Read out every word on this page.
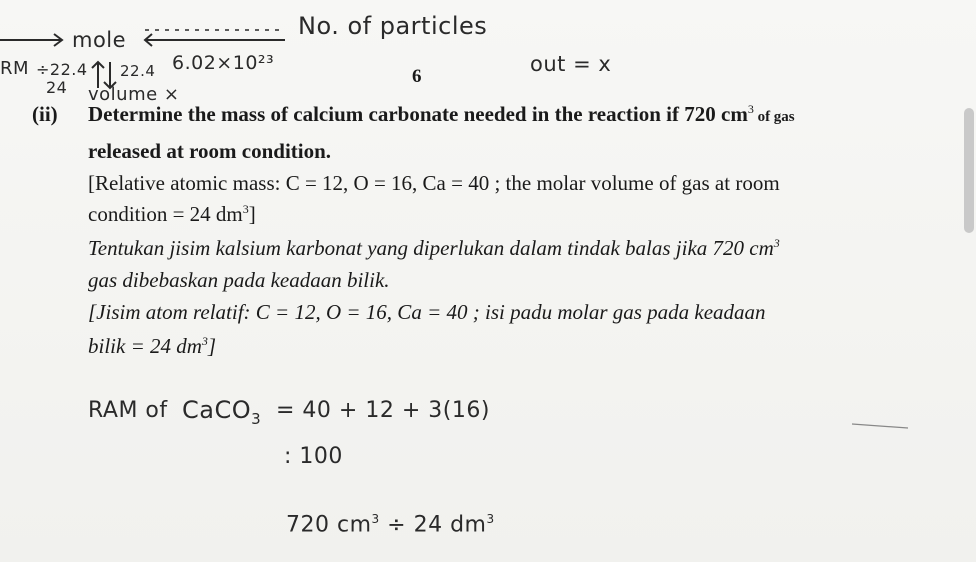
mole	No. of particles
6.02×10²³
RM ÷22.4 22.4
24 volume ×
out = x
6
(ii) Determine the mass of calcium carbonate needed in the reaction if 720 $cm^3$ of gas
released at room condition.
[Relative atomic mass: C = 12, O = 16, Ca = 40 ; the molar volume of gas at room
condition = 24 $dm^3$]
Tentukan jisim kalsium karbonat yang diperlukan dalam tindak balas jika 720 $cm^3$
gas dibebaskan pada keadaan bilik.
[Jisim atom relatif: C = 12, O = 16, Ca = 40 ; isi padu molar gas pada keadaan
bilik = 24 $dm^3$]
RAM of CaCO$_3$ = 40 + 12 + 3(16)
: 100
720 $cm^3 \div 24$ $dm^3$
